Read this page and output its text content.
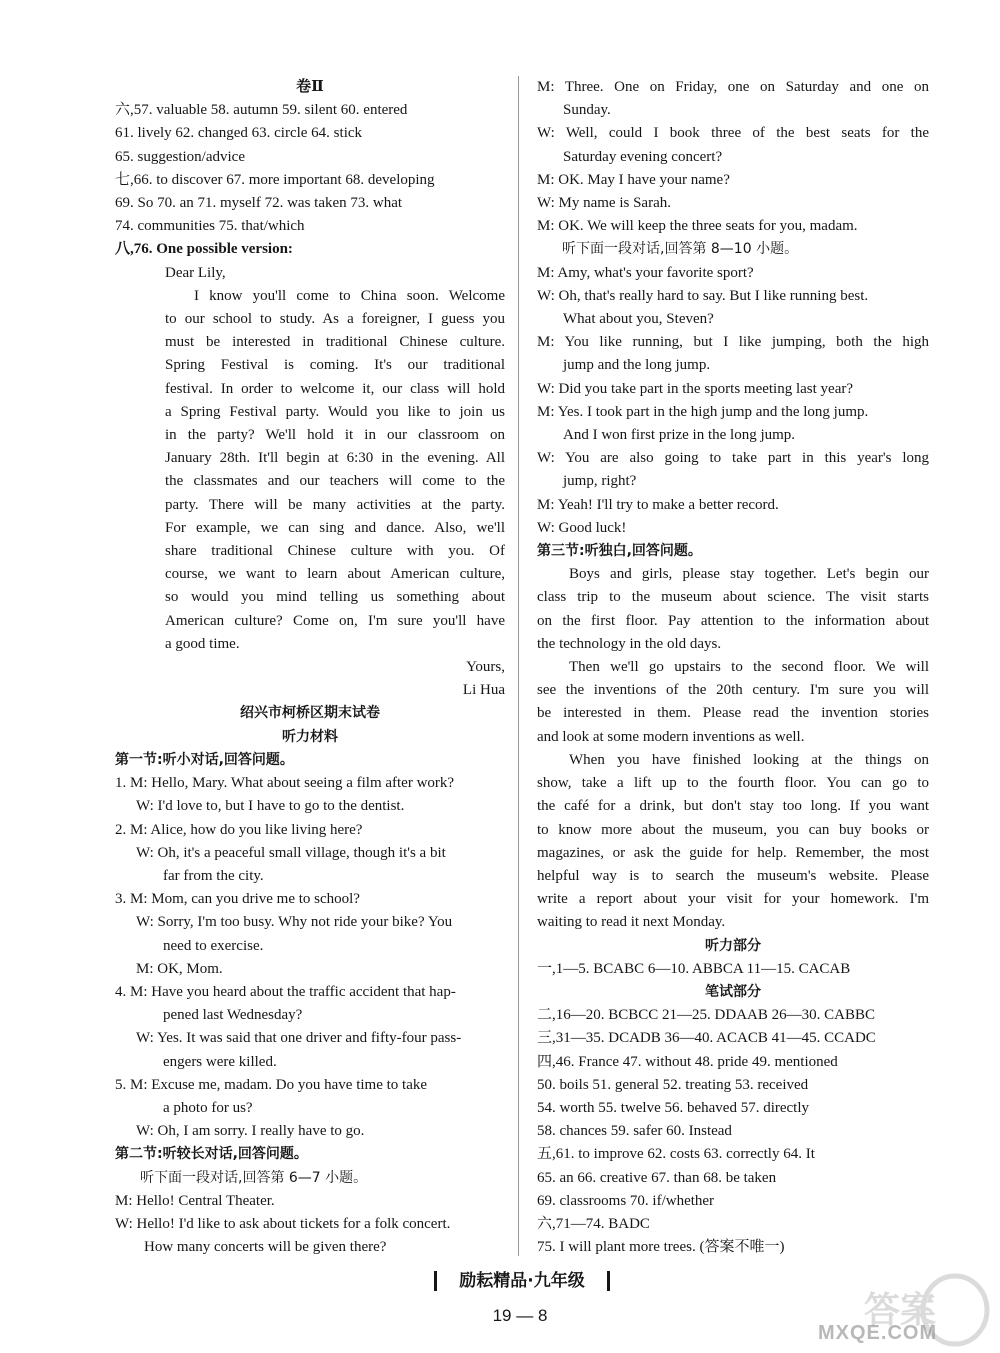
卷Ⅱ
六,57. valuable 58. autumn 59. silent 60. entered
61. lively 62. changed 63. circle 64. stick
65. suggestion/advice
七,66. to discover 67. more important 68. developing
69. So 70. an 71. myself 72. was taken 73. what
74. communities 75. that/which
八,76. One possible version:
Dear Lily,
I know you'll come to China soon. Welcome
to our school to study. As a foreigner, I guess you
must be interested in traditional Chinese culture.
Spring Festival is coming. It's our traditional
festival. In order to welcome it, our class will hold
a Spring Festival party. Would you like to join us
in the party? We'll hold it in our classroom on
January 28th. It'll begin at 6:30 in the evening. All
the classmates and our teachers will come to the
party. There will be many activities at the party.
For example, we can sing and dance. Also, we'll
share traditional Chinese culture with you. Of
course, we want to learn about American culture,
so would you mind telling us something about
American culture? Come on, I'm sure you'll have
a good time.
Yours,
Li Hua
绍兴市柯桥区期末试卷
听力材料
第一节:听小对话,回答问题。
1. M: Hello, Mary. What about seeing a film after work?
W: I'd love to, but I have to go to the dentist.
2. M: Alice, how do you like living here?
W: Oh, it's a peaceful small village, though it's a bit
far from the city.
3. M: Mom, can you drive me to school?
W: Sorry, I'm too busy. Why not ride your bike? You
need to exercise.
M: OK, Mom.
4. M: Have you heard about the traffic accident that hap-
pened last Wednesday?
W: Yes. It was said that one driver and fifty-four pass-
engers were killed.
5. M: Excuse me, madam. Do you have time to take
a photo for us?
W: Oh, I am sorry. I really have to go.
第二节:听较长对话,回答问题。
听下面一段对话,回答第 6—7 小题。
M: Hello! Central Theater.
W: Hello! I'd like to ask about tickets for a folk concert.
How many concerts will be given there?
M: Three. One on Friday, one on Saturday and one on
Sunday.
W: Well, could I book three of the best seats for the
Saturday evening concert?
M: OK. May I have your name?
W: My name is Sarah.
M: OK. We will keep the three seats for you, madam.
听下面一段对话,回答第 8—10 小题。
M: Amy, what's your favorite sport?
W: Oh, that's really hard to say. But I like running best.
What about you, Steven?
M: You like running, but I like jumping, both the high
jump and the long jump.
W: Did you take part in the sports meeting last year?
M: Yes. I took part in the high jump and the long jump.
And I won first prize in the long jump.
W: You are also going to take part in this year's long
jump, right?
M: Yeah! I'll try to make a better record.
W: Good luck!
第三节:听独白,回答问题。
Boys and girls, please stay together. Let's begin our
class trip to the museum about science. The visit starts
on the first floor. Pay attention to the information about
the technology in the old days.
Then we'll go upstairs to the second floor. We will
see the inventions of the 20th century. I'm sure you will
be interested in them. Please read the invention stories
and look at some modern inventions as well.
When you have finished looking at the things on
show, take a lift up to the fourth floor. You can go to
the café for a drink, but don't stay too long. If you want
to know more about the museum, you can buy books or
magazines, or ask the guide for help. Remember, the most
helpful way is to search the museum's website. Please
write a report about your visit for your homework. I'm
waiting to read it next Monday.
听力部分
一,1—5. BCABC 6—10. ABBCA 11—15. CACAB
笔试部分
二,16—20. BCBCC 21—25. DDAAB 26—30. CABBC
三,31—35. DCADB 36—40. ACACB 41—45. CCADC
四,46. France 47. without 48. pride 49. mentioned
50. boils 51. general 52. treating 53. received
54. worth 55. twelve 56. behaved 57. directly
58. chances 59. safer 60. Instead
五,61. to improve 62. costs 63. correctly 64. It
65. an 66. creative 67. than 68. be taken
69. classrooms 70. if/whether
六,71—74. BADC
75. I will plant more trees. (答案不唯一)
励耘精品·九年级
19 — 8	答案
MXQE.COM
